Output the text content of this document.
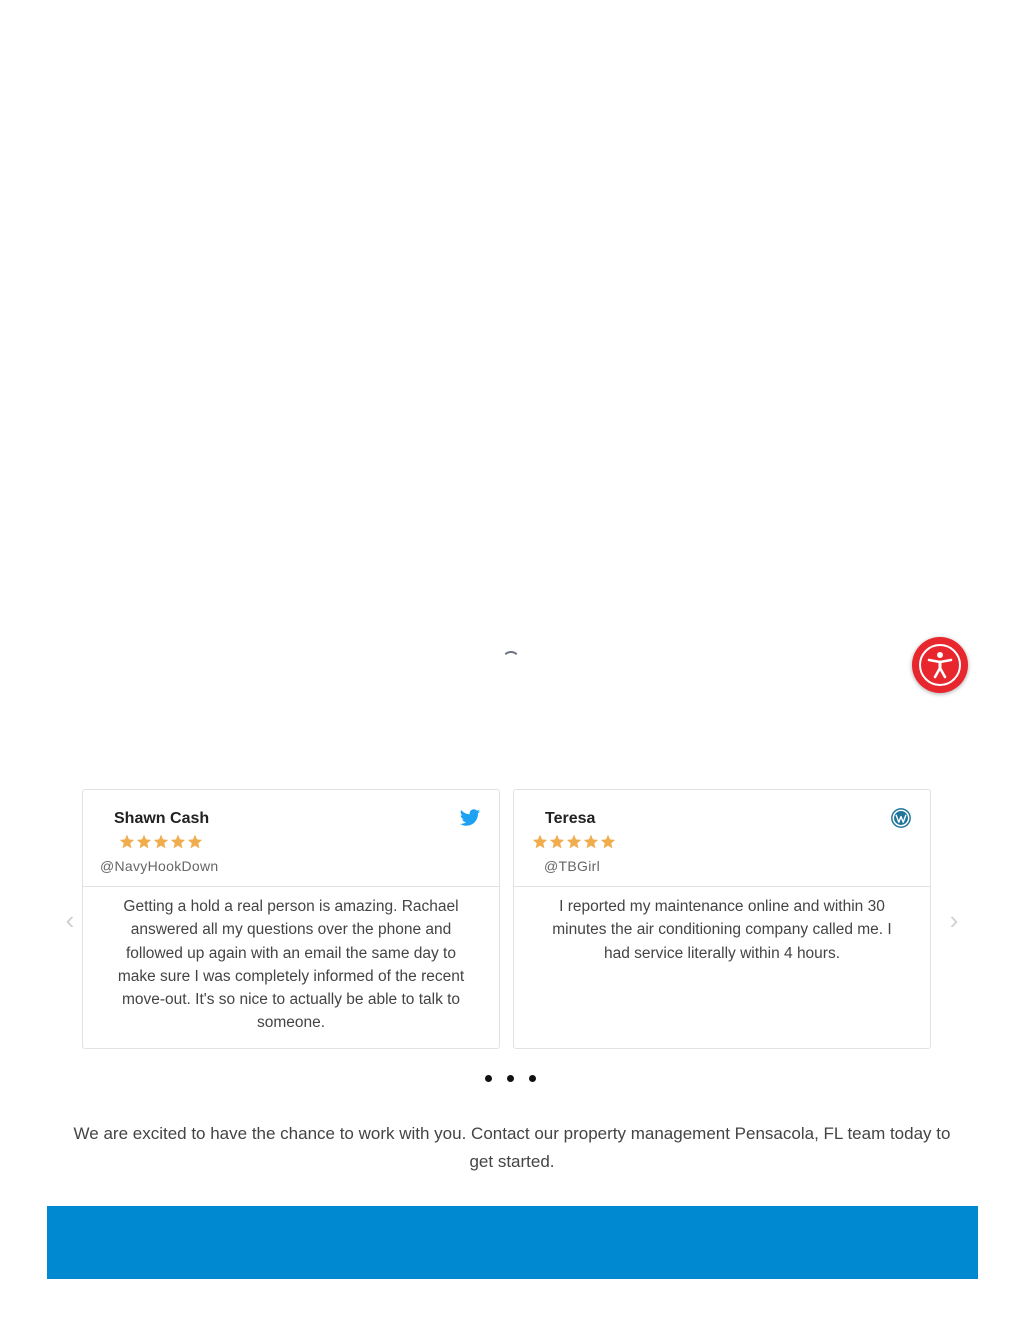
‹
Shawn Cash
@NavyHookDown
Getting a hold a real person is amazing. Rachael answered all my questions over the phone and followed up again with an email the same day to make sure I was completely informed of the recent move-out. It's so nice to actually be able to talk to someone.
Teresa
@TBGirl
I reported my maintenance online and within 30 minutes the air conditioning company called me. I had service literally within 4 hours.
›
We are excited to have the chance to work with you. Contact our property management Pensacola, FL team today to get started.
